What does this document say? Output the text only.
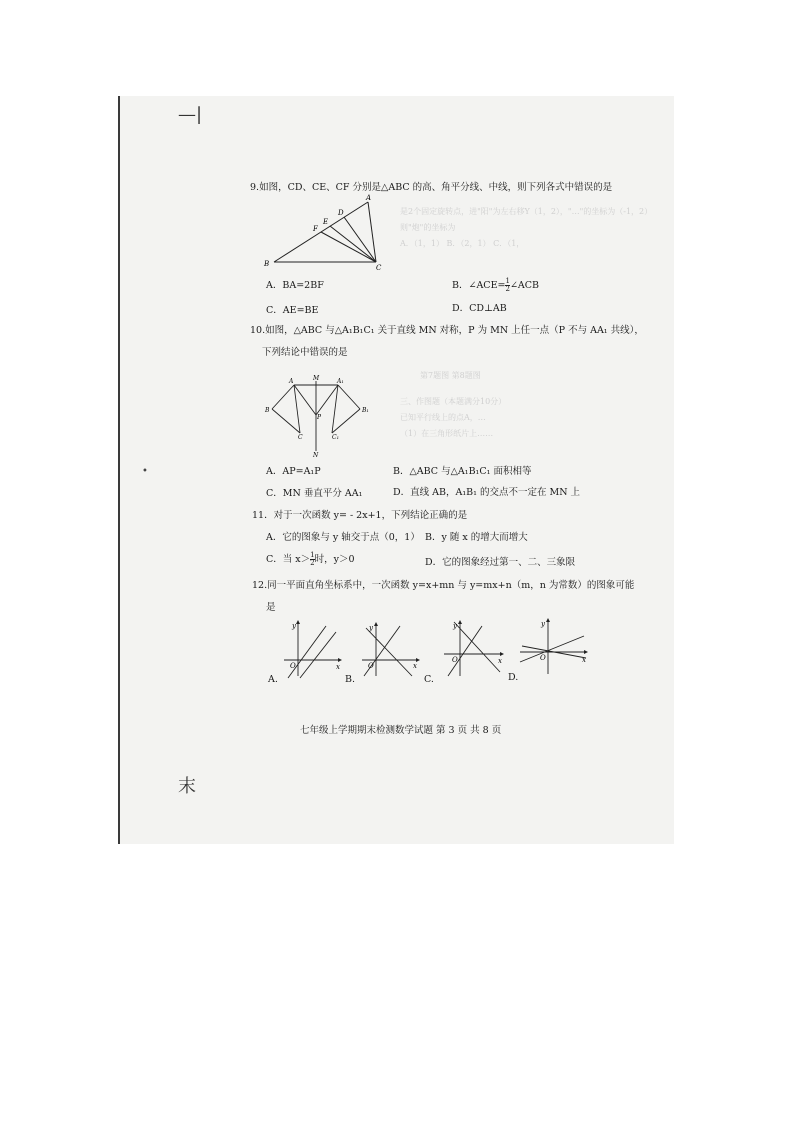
—|
末
•
是2个固定旋转点，进"阳"为左右移Y（1，2），"…"的坐标为（-1，2）
则"炮"的坐标为
A．（1，1） B．（2，1） C．（1，
第7题图 第8题图
三、作图题（本题满分10分）
已知平行线上的点A，…
（1）在三角形纸片上……
9.如图，CD、CE、CF 分别是△ABC 的高、角平分线、中线，则下列各式中错误的是
A
B	C
D
E
F
A．BA=2BF	B．∠ACE= $\frac{1}{2}$ ∠ACB
C．AE=BE	D．CD⊥AB
10.如图，△ABC 与△A₁B₁C₁ 关于直线 MN 对称，P 为 MN 上任一点（P 不与 AA₁ 共线），
下列结论中错误的是
A	M	A₁
B
P
B₁
C	C₁
N
A．AP=A₁P	B．△ABC 与△A₁B₁C₁ 面积相等
C．MN 垂直平分 AA₁	D．直线 AB，A₁B₁ 的交点不一定在 MN 上
11．对于一次函数 y= - 2x+1，下列结论正确的是
A．它的图象与 y 轴交于点（0，1） B．y 随 x 的增大而增大
C．当 $x> \frac{1}{2}$ 时，y＞0	D．它的图象经过第一、二、三象限
12.同一平面直角坐标系中，一次函数 y=x+mn 与 y=mx+n（m，n 为常数）的图象可能
是
y
x
O
A.
y
x
O
B.
y
x
O
C.
y
x
O
D.
七年级上学期期末检测数学试题 第 3 页 共 8 页
